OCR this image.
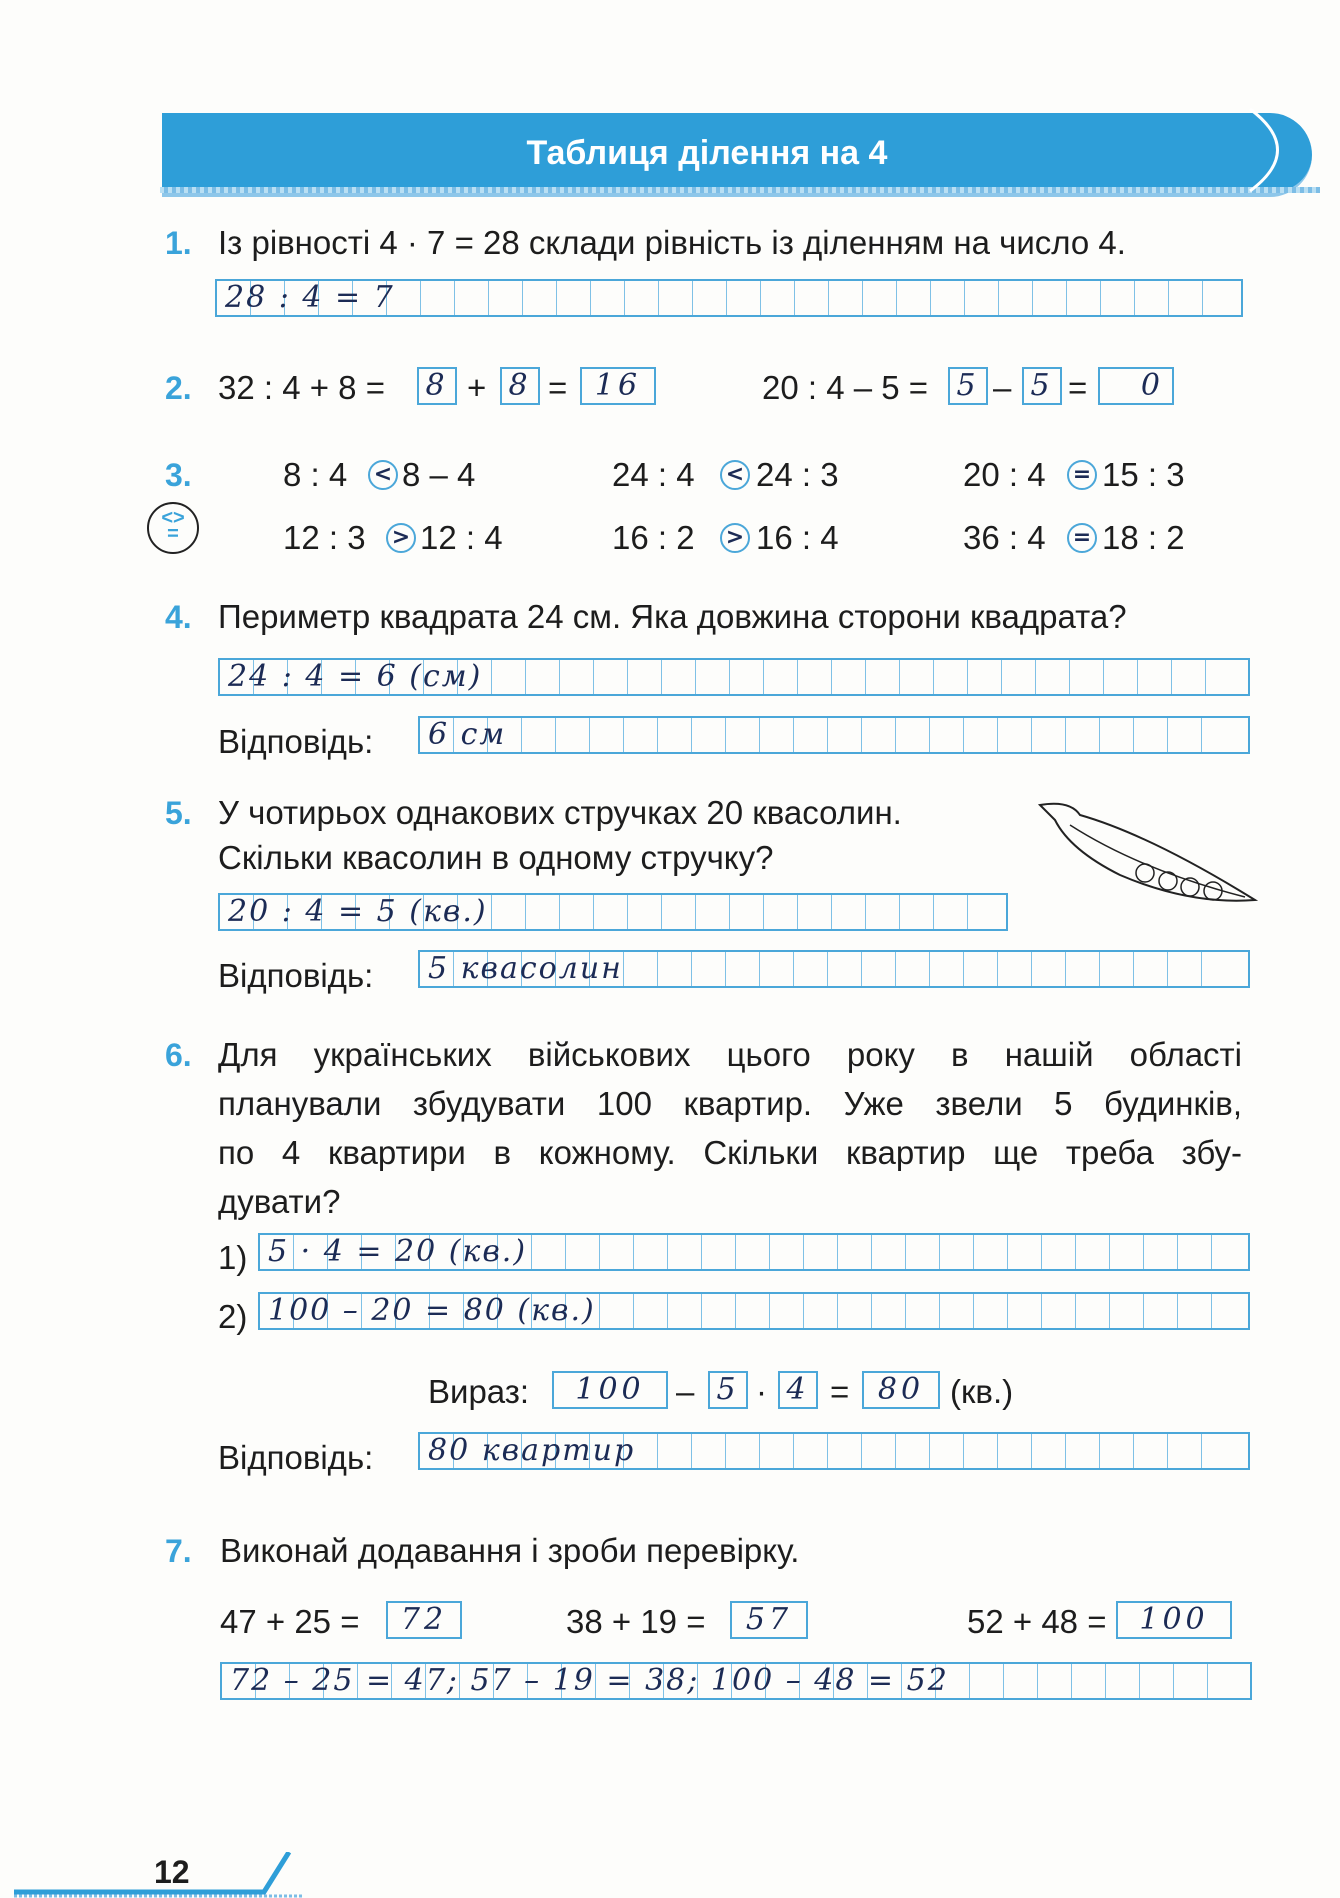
Таблиця ділення на 4
1. Із рівності 4 · 7 = 28 склади рівність із діленням на число 4.
28 : 4 = 7
2. 32 : 4 + 8 = 8 + 8 = 16	20 : 4 – 5 = 5 – 5 =	0
3.
<>
=
8 : 4 < 8 – 4	24 : 4 < 24 : 3	20 : 4 = 15 : 3
12 : 3 > 12 : 4	16 : 2 > 16 : 4	36 : 4 = 18 : 2
4. Периметр квадрата 24 см. Яка довжина сторони квадрата?
24 : 4 = 6 (см)
Відповідь: 6 см
5. У чотирьох однакових стручках 20 квасолин.
Скільки квасолин в одному стручку?
20 : 4 = 5 (кв.)
Відповідь: 5 квасолин
6. Для українських військових цього року в нашій області
планували збудувати 100 квартир. Уже звели 5 будинків,
по 4 квартири в кожному. Скільки квартир ще треба збу-
дувати?
1) 5 · 4 = 20 (кв.)
2) 100 – 20 = 80 (кв.)
Вираз:	100 – 5 · 4 = 80 (кв.)
Відповідь: 80 квартир
7. Виконай додавання і зроби перевірку.
47 + 25 =	72	38 + 19 =	57	52 + 48 =	100
72 – 25 = 47; 57 – 19 = 38; 100 – 48 = 52
12
